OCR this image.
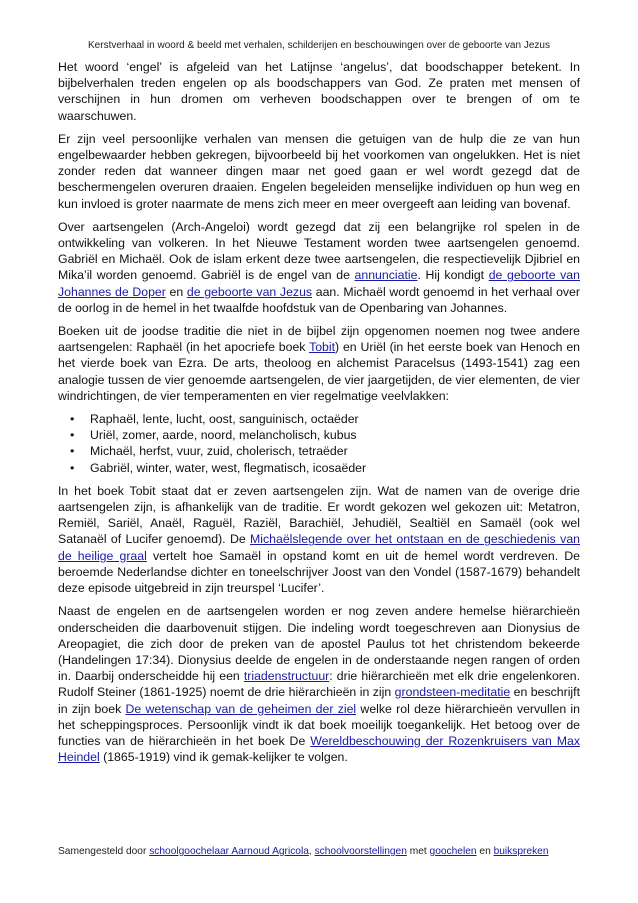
Kerstverhaal in woord & beeld met verhalen, schilderijen en beschouwingen over de geboorte van Jezus

Het woord ‘engel’ is afgeleid van het Latijnse ‘angelus’, dat boodschapper betekent. In bijbelverhalen treden engelen op als boodschappers van God. Ze praten met mensen of verschijnen in hun dromen om verheven boodschappen over te brengen of om te waarschuwen.

Er zijn veel persoonlijke verhalen van mensen die getuigen van de hulp die ze van hun engelbewaarder hebben gekregen, bijvoorbeeld bij het voorkomen van ongelukken. Het is niet zonder reden dat wanneer dingen maar net goed gaan er wel wordt gezegd dat de beschermengelen overuren draaien. Engelen begeleiden menselijke individuen op hun weg en kun invloed is groter naarmate de mens zich meer en meer overgeeft aan leiding van bovenaf.

Over aartsengelen (Arch-Angeloi) wordt gezegd dat zij een belangrijke rol spelen in de ontwikkeling van volkeren. In het Nieuwe Testament worden twee aartsengelen genoemd. Gabriël en Michaël. Ook de islam erkent deze twee aartsengelen, die respectievelijk Djibriel en Mika’il worden genoemd. Gabriël is de engel van de annunciatie. Hij kondigt de geboorte van Johannes de Doper en de geboorte van Jezus aan. Michaël wordt genoemd in het verhaal over de oorlog in de hemel in het twaalfde hoofdstuk van de Openbaring van Johannes.

Boeken uit de joodse traditie die niet in de bijbel zijn opgenomen noemen nog twee andere aartsengelen: Raphaël (in het apocriefe boek Tobit) en Uriël (in het eerste boek van Henoch en het vierde boek van Ezra. De arts, theoloog en alchemist Paracelsus (1493-1541) zag een analogie tussen de vier genoemde aartsengelen, de vier jaargetijden, de vier elementen, de vier windrichtingen, de vier temperamenten en vier regelmatige veelvlakken:

• Raphaël, lente, lucht, oost, sanguinisch, octaëder
• Uriël, zomer, aarde, noord, melancholisch, kubus
• Michaël, herfst, vuur, zuid, cholerisch, tetraëder
• Gabriël, winter, water, west, flegmatisch, icosaëder

In het boek Tobit staat dat er zeven aartsengelen zijn. Wat de namen van de overige drie aartsengelen zijn, is afhankelijk van de traditie. Er wordt gekozen wel gekozen uit: Metatron, Remiël, Sariël, Anaël, Raguël, Raziël, Barachiël, Jehudiël, Sealtiël en Samaël (ook wel Satanaël of Lucifer genoemd). De Michaëlslegende over het ontstaan en de geschiedenis van de heilige graal vertelt hoe Samaël in opstand komt en uit de hemel wordt verdreven. De beroemde Nederlandse dichter en toneelschrijver Joost van den Vondel (1587-1679) behandelt deze episode uitgebreid in zijn treurspel ‘Lucifer’.

Naast de engelen en de aartsengelen worden er nog zeven andere hemelse hiërarchieën onderscheiden die daarbovenuit stijgen. Die indeling wordt toegeschreven aan Dionysius de Areopagiet, die zich door de preken van de apostel Paulus tot het christendom bekeerde (Handelingen 17:34). Dionysius deelde de engelen in de onderstaande negen rangen of orden in. Daarbij onderscheidde hij een triadenstructuur: drie hiërarchieën met elk drie engelenkoren. Rudolf Steiner (1861-1925) noemt de drie hiërarchieën in zijn grondsteen-meditatie en beschrijft in zijn boek De wetenschap van de geheimen der ziel welke rol deze hiërarchieën vervullen in het scheppingsproces. Persoonlijk vindt ik dat boek moeilijk toegankelijk. Het betoog over de functies van de hiërarchieën in het boek De Wereldbeschouwing der Rozenkruisers van Max Heindel (1865-1919) vind ik gemak-kelijker te volgen.

Samengesteld door schoolgoochelaar Aarnoud Agricola, schoolvoorstellingen met goochelen en buikspreken
